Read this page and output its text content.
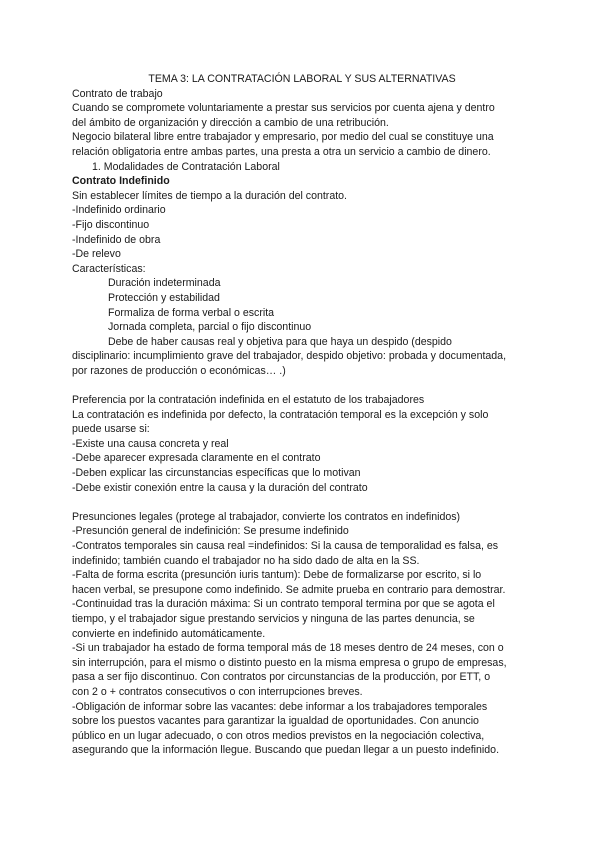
TEMA 3: LA CONTRATACIÓN LABORAL Y SUS ALTERNATIVAS
Contrato de trabajo
Cuando se compromete voluntariamente a prestar sus servicios por cuenta ajena y dentro
del ámbito de organización y dirección a cambio de una retribución.
Negocio bilateral libre entre trabajador y empresario, por medio del cual se constituye una
relación obligatoria entre ambas partes, una presta a otra un servicio a cambio de dinero.
1. Modalidades de Contratación Laboral
Contrato Indefinido
Sin establecer límites de tiempo a la duración del contrato.
-Indefinido ordinario
-Fijo discontinuo
-Indefinido de obra
-De relevo
Características:
Duración indeterminada
Protección y estabilidad
Formaliza de forma verbal o escrita
Jornada completa, parcial o fijo discontinuo
Debe de haber causas real y objetiva para que haya un despido (despido
disciplinario: incumplimiento grave del trabajador, despido objetivo: probada y documentada,
por razones de producción o económicas… .)
Preferencia por la contratación indefinida en el estatuto de los trabajadores
La contratación es indefinida por defecto, la contratación temporal es la excepción y solo
puede usarse si:
-Existe una causa concreta y real
-Debe aparecer expresada claramente en el contrato
-Deben explicar las circunstancias específicas que lo motivan
-Debe existir conexión entre la causa y la duración del contrato
Presunciones legales (protege al trabajador, convierte los contratos en indefinidos)
-Presunción general de indefinición: Se presume indefinido
-Contratos temporales sin causa real =indefinidos: Si la causa de temporalidad es falsa, es
indefinido; también cuando el trabajador no ha sido dado de alta en la SS.
-Falta de forma escrita (presunción iuris tantum): Debe de formalizarse por escrito, si lo
hacen verbal, se presupone como indefinido. Se admite prueba en contrario para demostrar.
-Continuidad tras la duración máxima: Si un contrato temporal termina por que se agota el
tiempo, y el trabajador sigue prestando servicios y ninguna de las partes denuncia, se
convierte en indefinido automáticamente.
-Si un trabajador ha estado de forma temporal más de 18 meses dentro de 24 meses, con o
sin interrupción, para el mismo o distinto puesto en la misma empresa o grupo de empresas,
pasa a ser fijo discontinuo. Con contratos por circunstancias de la producción, por ETT, o
con 2 o + contratos consecutivos o con interrupciones breves.
-Obligación de informar sobre las vacantes: debe informar a los trabajadores temporales
sobre los puestos vacantes para garantizar la igualdad de oportunidades. Con anuncio
público en un lugar adecuado, o con otros medios previstos en la negociación colectiva,
asegurando que la información llegue. Buscando que puedan llegar a un puesto indefinido.
